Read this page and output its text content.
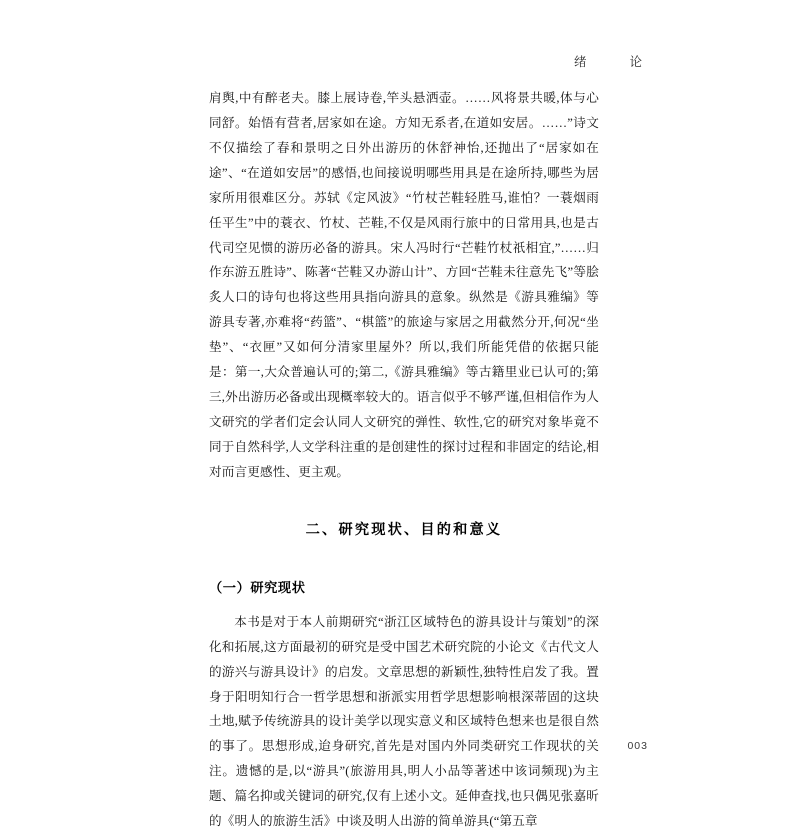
绪　　论

肩舆,中有醉老夫。膝上展诗卷,竿头悬洒壶。……风将景共暖,体与心同舒。始悟有营者,居家如在途。方知无系者,在道如安居。……”诗文不仅描绘了春和景明之日外出游历的休舒神怡,还抛出了“居家如在途”、“在道如安居”的感悟,也间接说明哪些用具是在途所持,哪些为居家所用很难区分。苏轼《定风波》“竹杖芒鞋轻胜马,谁怕？一蓑烟雨任平生”中的蓑衣、竹杖、芒鞋,不仅是风雨行旅中的日常用具,也是古代司空见惯的游历必备的游具。宋人冯时行“芒鞋竹杖祇相宜,”……归作东游五胜诗”、陈著“芒鞋又办游山计”、方回“芒鞋未往意先飞”等脍炙人口的诗句也将这些用具指向游具的意象。纵然是《游具雅编》等游具专著,亦难将“药篮”、“棋篮”的旅途与家居之用截然分开,何况“坐垫”、“衣匣”又如何分清家里屋外？所以,我们所能凭借的依据只能是：第一,大众普遍认可的;第二,《游具雅编》等古籍里业已认可的;第三,外出游历必备或出现概率较大的。语言似乎不够严谨,但相信作为人文研究的学者们定会认同人文研究的弹性、软性,它的研究对象毕竟不同于自然科学,人文学科注重的是创建性的探讨过程和非固定的结论,相对而言更感性、更主观。

二、研究现状、目的和意义
（一）研究现状

本书是对于本人前期研究“浙江区域特色的游具设计与策划”的深化和拓展,这方面最初的研究是受中国艺术研究院的小论文《古代文人的游兴与游具设计》的启发。文章思想的新颖性,独特性启发了我。置身于阳明知行合一哲学思想和浙派实用哲学思想影响根深蒂固的这块土地,赋予传统游具的设计美学以现实意义和区域特色想来也是很自然的事了。思想形成,迨身研究,首先是对国内外同类研究工作现状的关注。遗憾的是,以“游具”(旅游用具,明人小品等著述中该词频现)为主题、篇名抑或关键词的研究,仅有上述小文。延伸查找,也只偶见张嘉昕的《明人的旅游生活》中谈及明人出游的简单游具(“第五章

003
